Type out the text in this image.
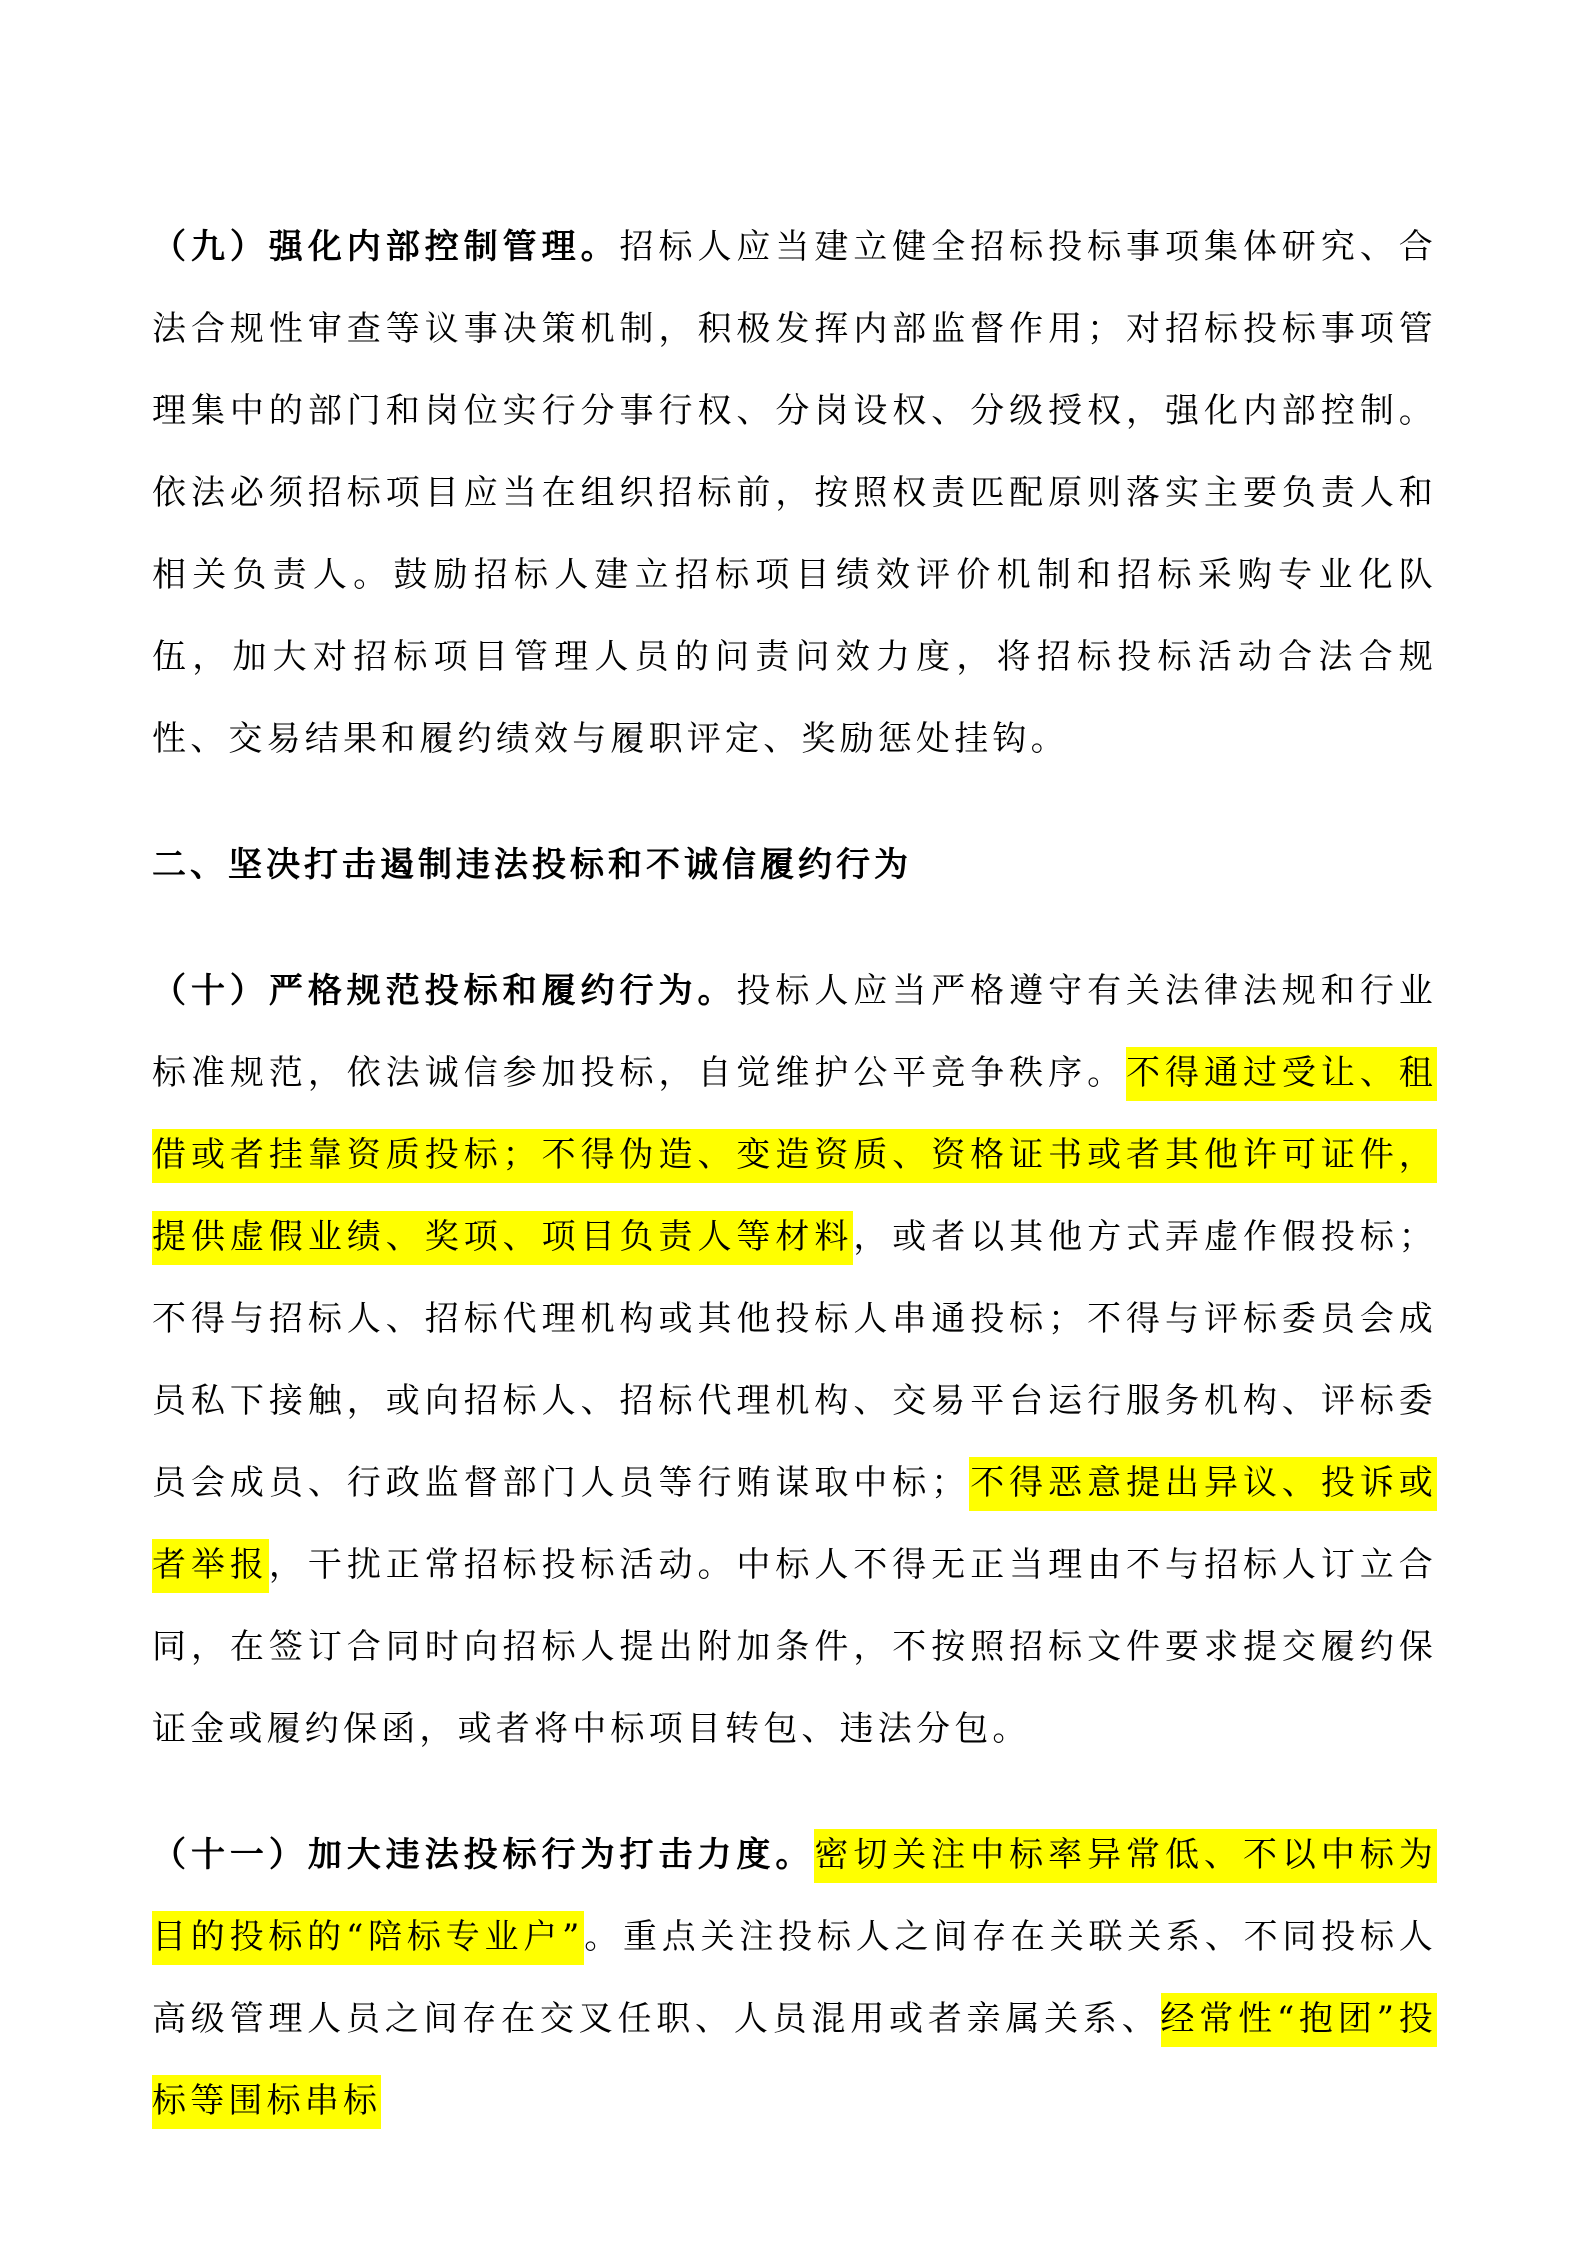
（九）强化内部控制管理。招标人应当建立健全招标投标事项集体研究、合法合规性审查等议事决策机制，积极发挥内部监督作用；对招标投标事项管理集中的部门和岗位实行分事行权、分岗设权、分级授权，强化内部控制。依法必须招标项目应当在组织招标前，按照权责匹配原则落实主要负责人和相关负责人。鼓励招标人建立招标项目绩效评价机制和招标采购专业化队伍，加大对招标项目管理人员的问责问效力度，将招标投标活动合法合规性、交易结果和履约绩效与履职评定、奖励惩处挂钩。

二、坚决打击遏制违法投标和不诚信履约行为

（十）严格规范投标和履约行为。投标人应当严格遵守有关法律法规和行业标准规范，依法诚信参加投标，自觉维护公平竞争秩序。不得通过受让、租借或者挂靠资质投标；不得伪造、变造资质、资格证书或者其他许可证件，提供虚假业绩、奖项、项目负责人等材料，或者以其他方式弄虚作假投标；不得与招标人、招标代理机构或其他投标人串通投标；不得与评标委员会成员私下接触，或向招标人、招标代理机构、交易平台运行服务机构、评标委员会成员、行政监督部门人员等行贿谋取中标；不得恶意提出异议、投诉或者举报，干扰正常招标投标活动。中标人不得无正当理由不与招标人订立合同，在签订合同时向招标人提出附加条件，不按照招标文件要求提交履约保证金或履约保函，或者将中标项目转包、违法分包。

（十一）加大违法投标行为打击力度。密切关注中标率异常低、不以中标为目的投标的“陪标专业户”。重点关注投标人之间存在关联关系、不同投标人高级管理人员之间存在交叉任职、人员混用或者亲属关系、经常性“抱团”投标等围标串标
